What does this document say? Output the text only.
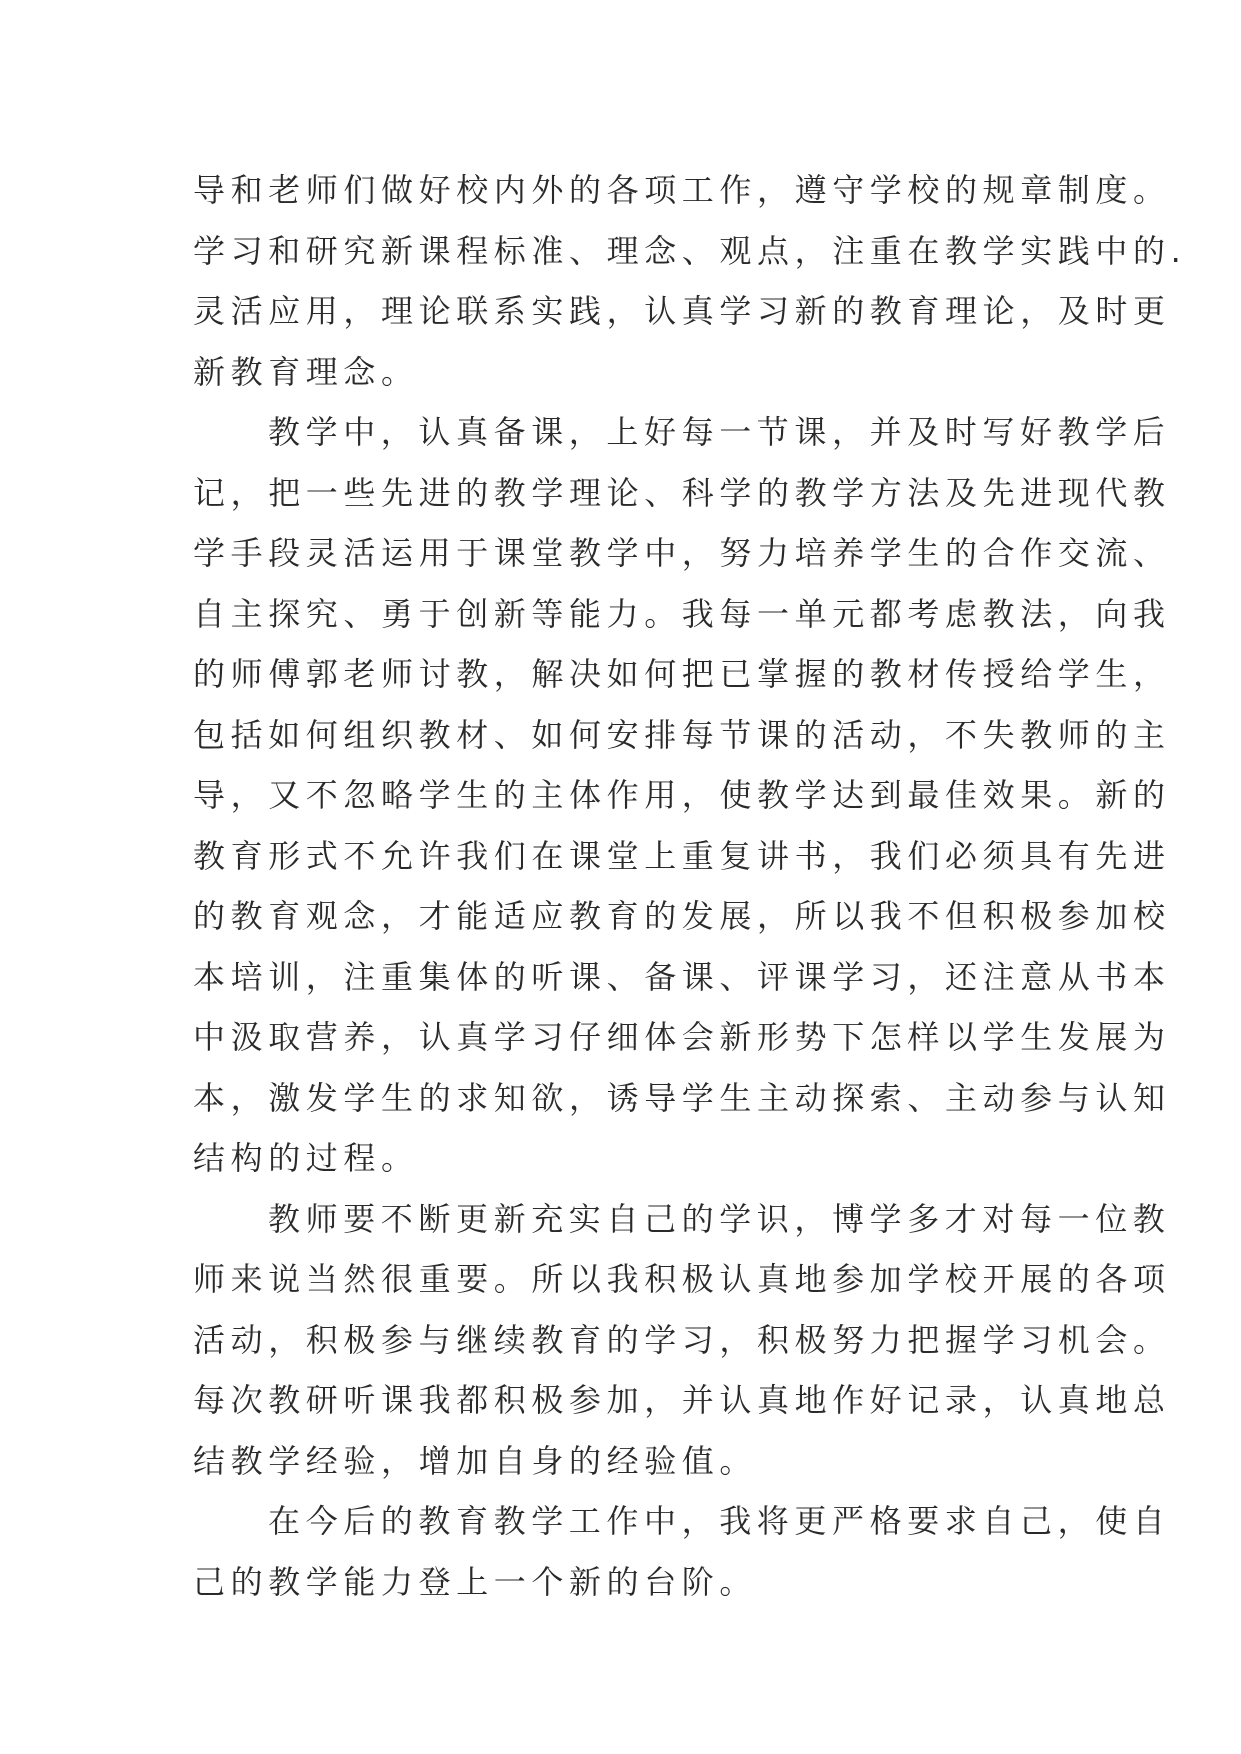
导和老师们做好校内外的各项工作，遵守学校的规章制度。
学习和研究新课程标准、理念、观点，注重在教学实践中的.
灵活应用，理论联系实践，认真学习新的教育理论，及时更
新教育理念。
教学中，认真备课，上好每一节课，并及时写好教学后
记，把一些先进的教学理论、科学的教学方法及先进现代教
学手段灵活运用于课堂教学中，努力培养学生的合作交流、
自主探究、勇于创新等能力。我每一单元都考虑教法，向我
的师傅郭老师讨教，解决如何把已掌握的教材传授给学生，
包括如何组织教材、如何安排每节课的活动，不失教师的主
导，又不忽略学生的主体作用，使教学达到最佳效果。新的
教育形式不允许我们在课堂上重复讲书，我们必须具有先进
的教育观念，才能适应教育的发展，所以我不但积极参加校
本培训，注重集体的听课、备课、评课学习，还注意从书本
中汲取营养，认真学习仔细体会新形势下怎样以学生发展为
本，激发学生的求知欲，诱导学生主动探索、主动参与认知
结构的过程。
教师要不断更新充实自己的学识，博学多才对每一位教
师来说当然很重要。所以我积极认真地参加学校开展的各项
活动，积极参与继续教育的学习，积极努力把握学习机会。
每次教研听课我都积极参加，并认真地作好记录，认真地总
结教学经验，增加自身的经验值。
在今后的教育教学工作中，我将更严格要求自己，使自
己的教学能力登上一个新的台阶。
